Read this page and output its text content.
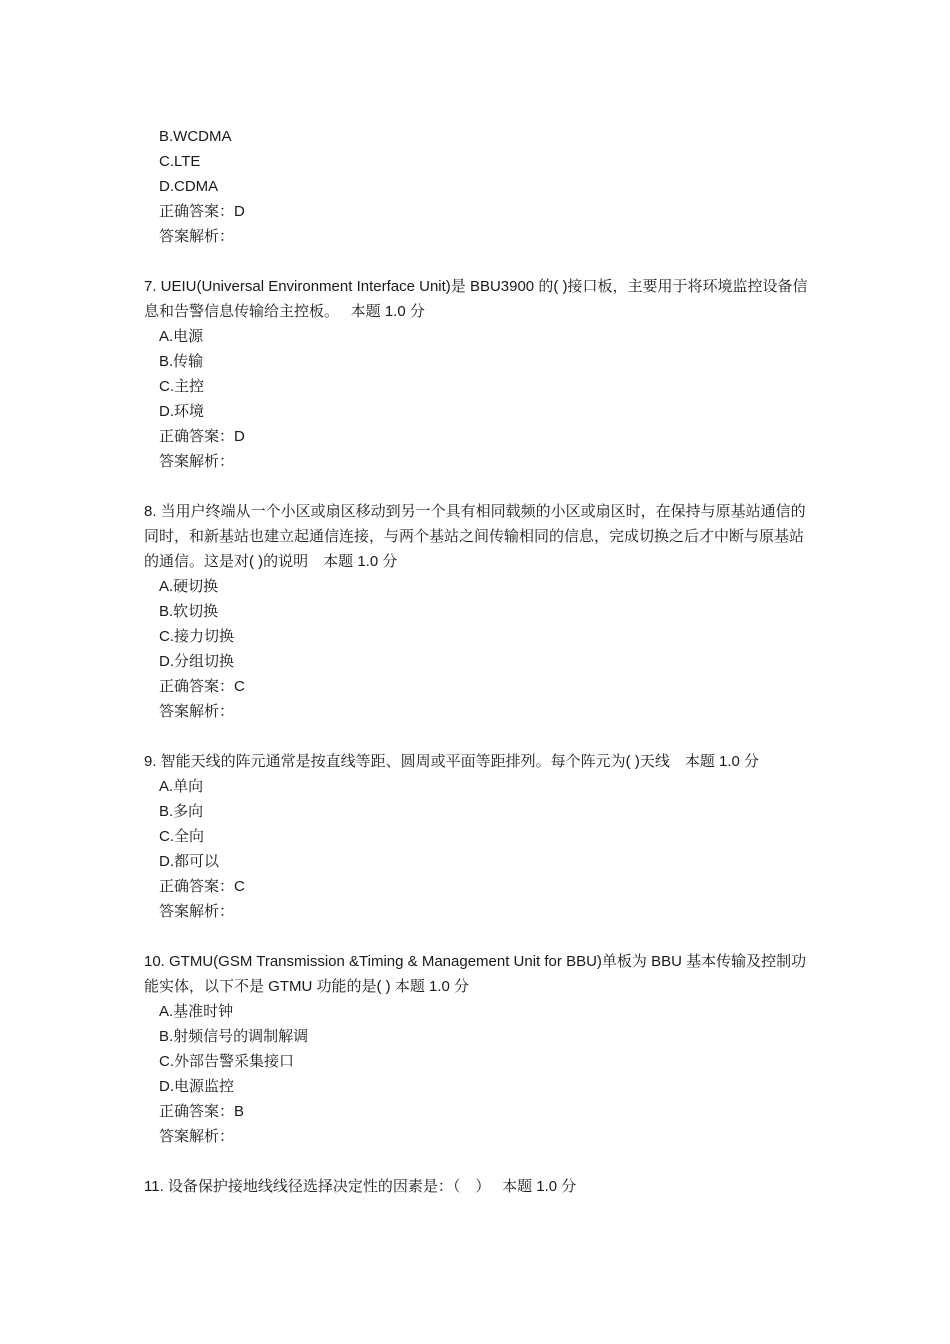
B.WCDMA
C.LTE
D.CDMA
正确答案：D
答案解析：
7. UEIU(Universal Environment Interface Unit)是 BBU3900 的( )接口板，主要用于将环境监控设备信息和告警信息传输给主控板。　 本题 1.0 分
A.电源
B.传输
C.主控
D.环境
正确答案：D
答案解析：
8. 当用户终端从一个小区或扇区移动到另一个具有相同载频的小区或扇区时，在保持与原基站通信的同时，和新基站也建立起通信连接，与两个基站之间传输相同的信息，完成切换之后才中断与原基站的通信。这是对( )的说明　本题 1.0 分
A.硬切换
B.软切换
C.接力切换
D.分组切换
正确答案：C
答案解析：
9. 智能天线的阵元通常是按直线等距、圆周或平面等距排列。每个阵元为( )天线　本题 1.0 分
A.单向
B.多向
C.全向
D.都可以
正确答案：C
答案解析：
10. GTMU(GSM Transmission &Timing & Management Unit for BBU)单板为 BBU 基本传输及控制功能实体，以下不是 GTMU 功能的是( ) 本题 1.0 分
A.基准时钟
B.射频信号的调制解调
C.外部告警采集接口
D.电源监控
正确答案：B
答案解析：
11. 设备保护接地线线径选择决定性的因素是：（　）　 本题 1.0 分
